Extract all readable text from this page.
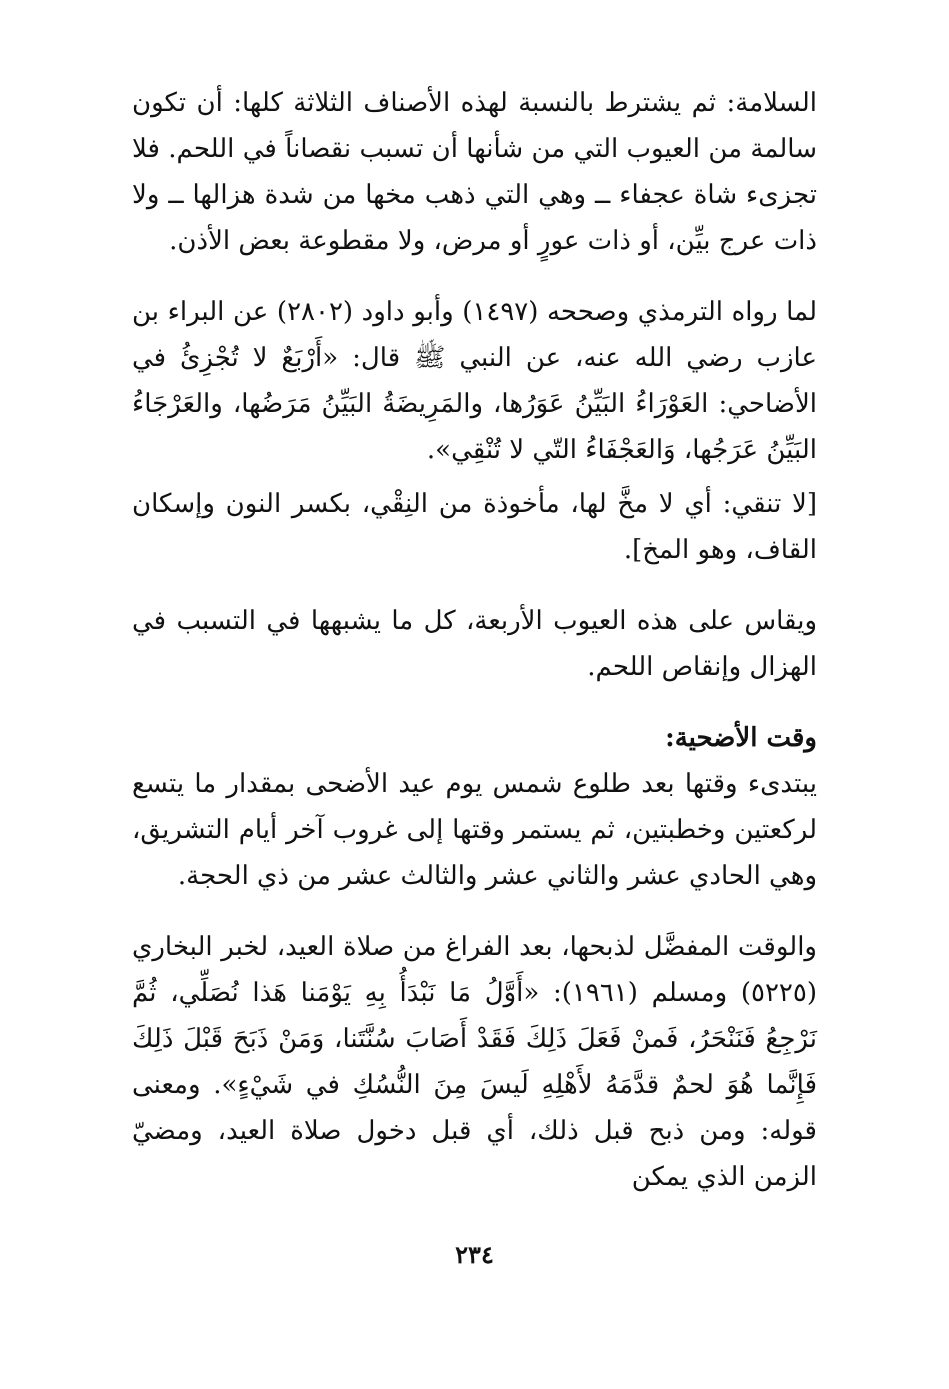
السلامة: ثم يشترط بالنسبة لهذه الأصناف الثلاثة كلها: أن تكون سالمة من العيوب التي من شأنها أن تسبب نقصاناً في اللحم. فلا تجزىء شاة عجفاء ــ وهي التي ذهب مخها من شدة هزالها ــ ولا ذات عرج بيِّن، أو ذات عورٍ أو مرض، ولا مقطوعة بعض الأذن.

لما رواه الترمذي وصححه (١٤٩٧) وأبو داود (٢٨٠٢) عن البراء بن عازب رضي الله عنه، عن النبي ﷺ قال: «أَرْبَعٌ لا تُجْزِئُ في الأضاحي: العَوْرَاءُ البَيِّنُ عَوَرُها، والمَرِيضَةُ البَيِّنُ مَرَضُها، والعَرْجَاءُ البَيِّنُ عَرَجُها، وَالعَجْفَاءُ التّي لا تُنْقِي».

[لا تنقي: أي لا مخَّ لها، مأخوذة من النِقْي، بكسر النون وإسكان القاف، وهو المخ].

ويقاس على هذه العيوب الأربعة، كل ما يشبهها في التسبب في الهزال وإنقاص اللحم.

وقت الأضحية:

يبتدىء وقتها بعد طلوع شمس يوم عيد الأضحى بمقدار ما يتسع لركعتين وخطبتين، ثم يستمر وقتها إلى غروب آخر أيام التشريق، وهي الحادي عشر والثاني عشر والثالث عشر من ذي الحجة.

والوقت المفضَّل لذبحها، بعد الفراغ من صلاة العيد، لخبر البخاري (٥٢٢٥) ومسلم (١٩٦١): «أَوَّلُ مَا نَبْدَأُ بِهِ يَوْمَنا هَذا نُصَلِّي، ثُمَّ نَرْجِعُ فَنَنْحَرُ، فَمنْ فَعَلَ ذَلِكَ فَقَدْ أَصَابَ سُنَّتَنا، وَمَنْ ذَبَحَ قَبْلَ ذَلِكَ فَإِنَّما هُوَ لحمٌ قدَّمَهُ لأَهْلِهِ لَيسَ مِنَ النُّسُكِ في شَيْءٍ». ومعنى قوله: ومن ذبح قبل ذلك، أي قبل دخول صلاة العيد، ومضيّ الزمن الذي يمكن

٢٣٤
